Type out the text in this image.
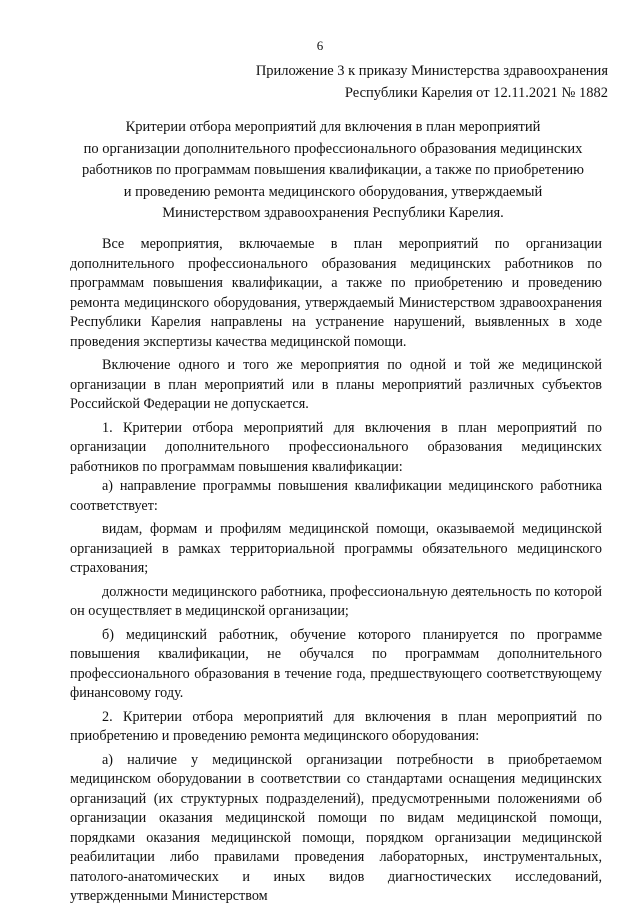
6
Приложение 3 к приказу Министерства здравоохранения
Республики Карелия от 12.11.2021 № 1882
Критерии отбора мероприятий для включения в план мероприятий
по организации дополнительного профессионального образования медицинских
работников по программам повышения квалификации, а также по приобретению
и проведению ремонта медицинского оборудования, утверждаемый
Министерством здравоохранения Республики Карелия.

Все мероприятия, включаемые в план мероприятий по организации дополнительного профессионального образования медицинских работников по программам повышения квалификации, а также по приобретению и проведению ремонта медицинского оборудования, утверждаемый Министерством здравоохранения Республики Карелия направлены на устранение нарушений, выявленных в ходе проведения экспертизы качества медицинской помощи.

Включение одного и того же мероприятия по одной и той же медицинской организации в план мероприятий или в планы мероприятий различных субъектов Российской Федерации не допускается.

1. Критерии отбора мероприятий для включения в план мероприятий по организации дополнительного профессионального образования медицинских работников по программам повышения квалификации:

а) направление программы повышения квалификации медицинского работника соответствует:

видам, формам и профилям медицинской помощи, оказываемой медицинской организацией в рамках территориальной программы обязательного медицинского страхования;

должности медицинского работника, профессиональную деятельность по которой он осуществляет в медицинской организации;

б) медицинский работник, обучение которого планируется по программе повышения квалификации, не обучался по программам дополнительного профессионального образования в течение года, предшествующего соответствующему финансовому году.

2. Критерии отбора мероприятий для включения в план мероприятий по приобретению и проведению ремонта медицинского оборудования:

а) наличие у медицинской организации потребности в приобретаемом медицинском оборудовании в соответствии со стандартами оснащения медицинских организаций (их структурных подразделений), предусмотренными положениями об организации оказания медицинской помощи по видам медицинской помощи, порядками оказания медицинской помощи, порядком организации медицинской реабилитации либо правилами проведения лабораторных, инструментальных, патолого-анатомических и иных видов диагностических исследований, утвержденными Министерством
